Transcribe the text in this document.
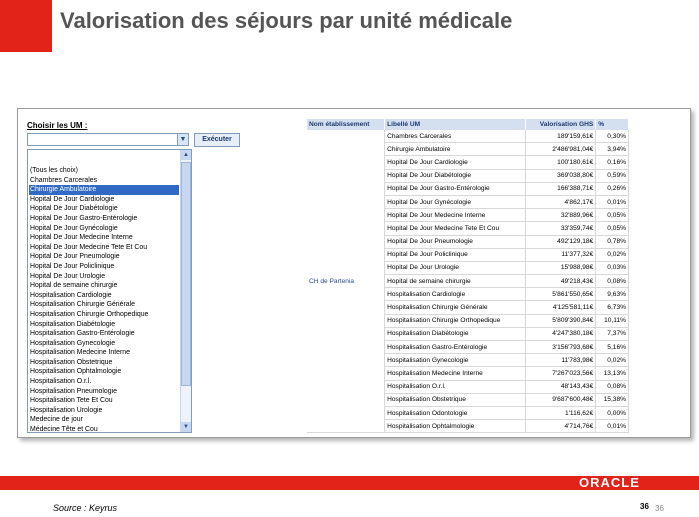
Valorisation des séjours par unité médicale
Choisir les UM :
▼	Exécuter
(Tous les choix)
Chambres Carcerales
Chirurgie Ambulatoire
Hopital De Jour Cardiologie
Hopital De Jour Diabétologie
Hopital De Jour Gastro-Entérologie
Hopital De Jour Gynécologie
Hopital De Jour Medecine Interne
Hopital De Jour Medecine Tete Et Cou
Hopital De Jour Pneumologie
Hopital De Jour Policlinique
Hopital De Jour Urologie
Hopital de semaine chirurgie
Hospitalisation Cardiologie
Hospitalisation Chirurgie Générale
Hospitalisation Chirurgie Orthopedique
Hospitalisation Diabétologie
Hospitalisation Gastro-Entérologie
Hospitalisation Gynecologie
Hospitalisation Medecine Interne
Hospitalisation Obstetrique
Hospitalisation Ophtalmologie
Hospitalisation O.r.l.
Hospitalisation Pneumologie
Hospitalisation Tete Et Cou
Hospitalisation Urologie
Medecine de jour
Médecine Tête et Cou
▲
▼
Nom établissement	Libellé UM	Valorisation GHS	%
CH de Partenia	Chambres Carcerales	189'159,61€	0,30%
	Chirurgie Ambulatoire	2'486'981,04€	3,94%
	Hopital De Jour Cardiologie	100'180,61€	0,16%
	Hopital De Jour Diabétologie	369'038,80€	0,59%
	Hopital De Jour Gastro-Entérologie	166'388,71€	0,26%
	Hopital De Jour Gynécologie	4'862,17€	0,01%
	Hopital De Jour Medecine Interne	32'889,96€	0,05%
	Hopital De Jour Medecine Tete Et Cou	33'359,74€	0,05%
	Hopital De Jour Pneumologie	492'129,18€	0,78%
	Hopital De Jour Policlinique	11'377,32€	0,02%
	Hopital De Jour Urologie	15'988,98€	0,03%
	Hopital de semaine chirurgie	49'218,43€	0,08%
	Hospitalisation Cardiologie	5'861'550,65€	9,63%
	Hospitalisation Chirurgie Générale	4'125'581,11€	6,73%
	Hospitalisation Chirurgie Orthopedique	5'809'390,84€	10,11%
	Hospitalisation Diabétologie	4'247'380,18€	7,37%
	Hospitalisation Gastro-Entérologie	3'156'793,68€	5,16%
	Hospitalisation Gynecologie	11'783,98€	0,02%
	Hospitalisation Medecine Interne	7'267'023,56€	13,13%
	Hospitalisation O.r.l.	48'143,43€	0,08%
	Hospitalisation Obstetrique	9'687'600,48€	15,38%
	Hospitalisation Odontologie	1'116,62€	0,00%
	Hospitalisation Ophtalmologie	4'714,76€	0,01%
ORACLE
Source : Keyrus	36 36
